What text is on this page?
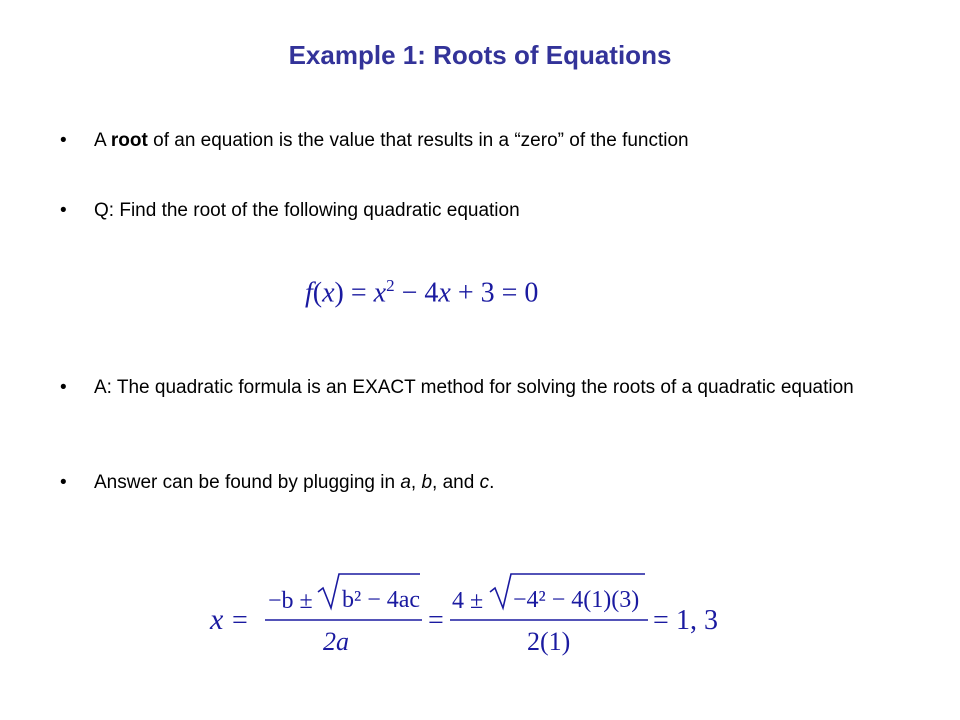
Example 1: Roots of Equations
• A root of an equation is the value that results in a “zero” of the function
• Q: Find the root of the following quadratic equation
$f(x) = x^2 - 4x + 3 = 0$
• A: The quadratic formula is an EXACT method for solving the roots of a quadratic equation
• Answer can be found by plugging in a, b, and c.
x =
−b ± b² − 4ac
2a
=
4 ± −4² − 4(1)(3)
2(1)
= 1, 3
